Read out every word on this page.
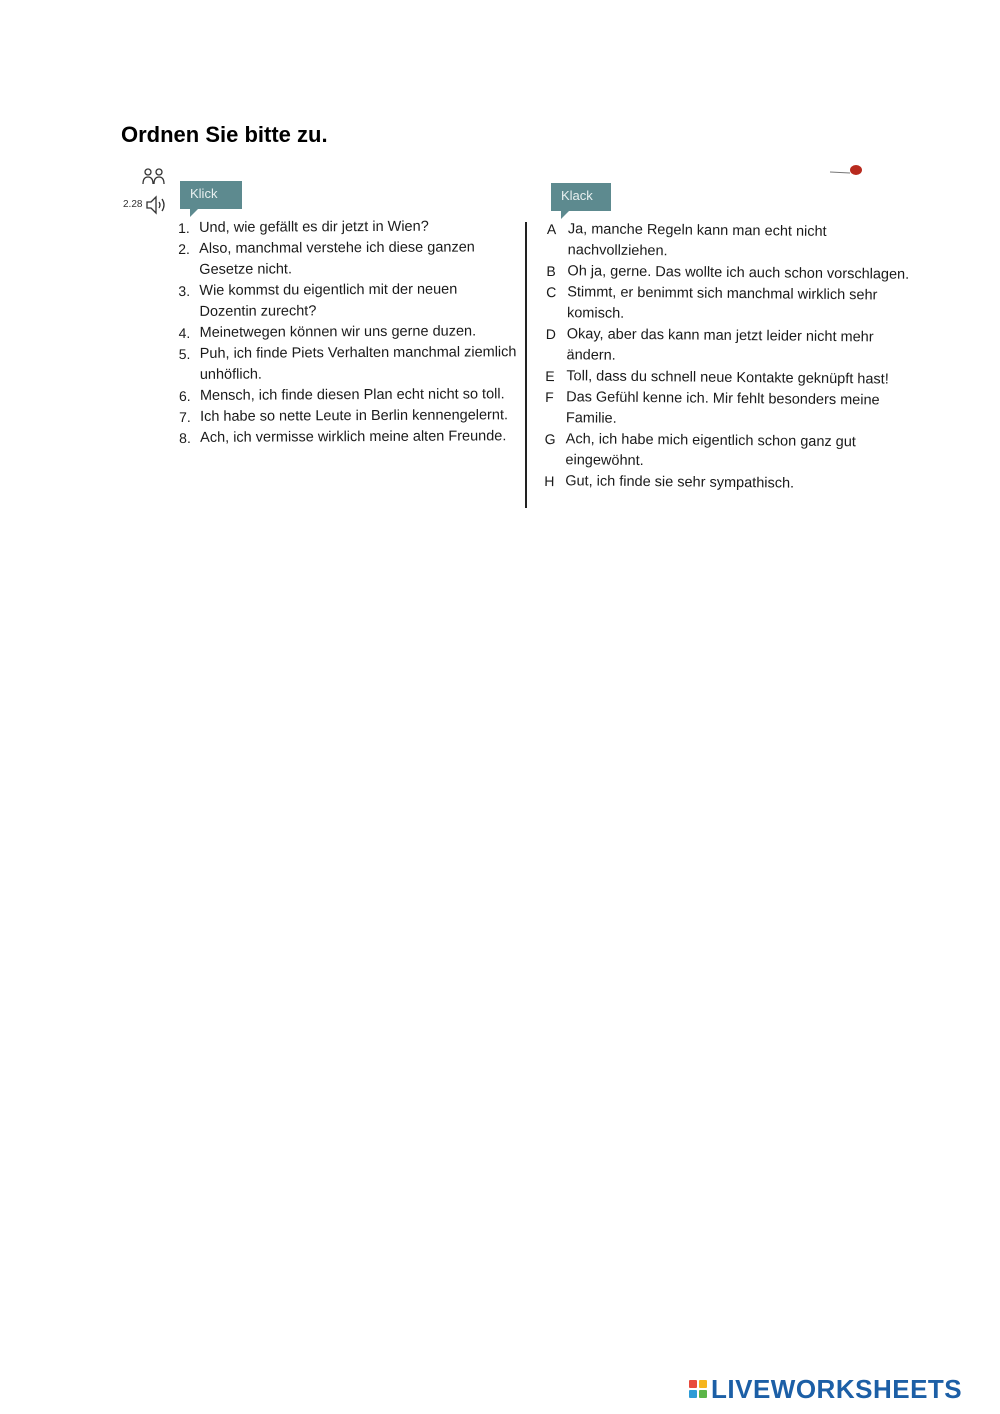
Ordnen Sie bitte zu.
2.28
Klick	Klack
1. Und, wie gefällt es dir jetzt in Wien?
2. Also, manchmal verstehe ich diese ganzen Gesetze nicht.
3. Wie kommst du eigentlich mit der neuen Dozentin zurecht?
4. Meinetwegen können wir uns gerne duzen.
5. Puh, ich finde Piets Verhalten manchmal ziemlich unhöflich.
6. Mensch, ich finde diesen Plan echt nicht so toll.
7. Ich habe so nette Leute in Berlin kennengelernt.
8. Ach, ich vermisse wirklich meine alten Freunde.
A Ja, manche Regeln kann man echt nicht nachvollziehen.
B Oh ja, gerne. Das wollte ich auch schon vorschlagen.
C Stimmt, er benimmt sich manchmal wirklich sehr komisch.
D Okay, aber das kann man jetzt leider nicht mehr ändern.
E Toll, dass du schnell neue Kontakte geknüpft hast!
F Das Gefühl kenne ich. Mir fehlt besonders meine Familie.
G Ach, ich habe mich eigentlich schon ganz gut eingewöhnt.
H Gut, ich finde sie sehr sympathisch.
LIVEWORKSHEETS
